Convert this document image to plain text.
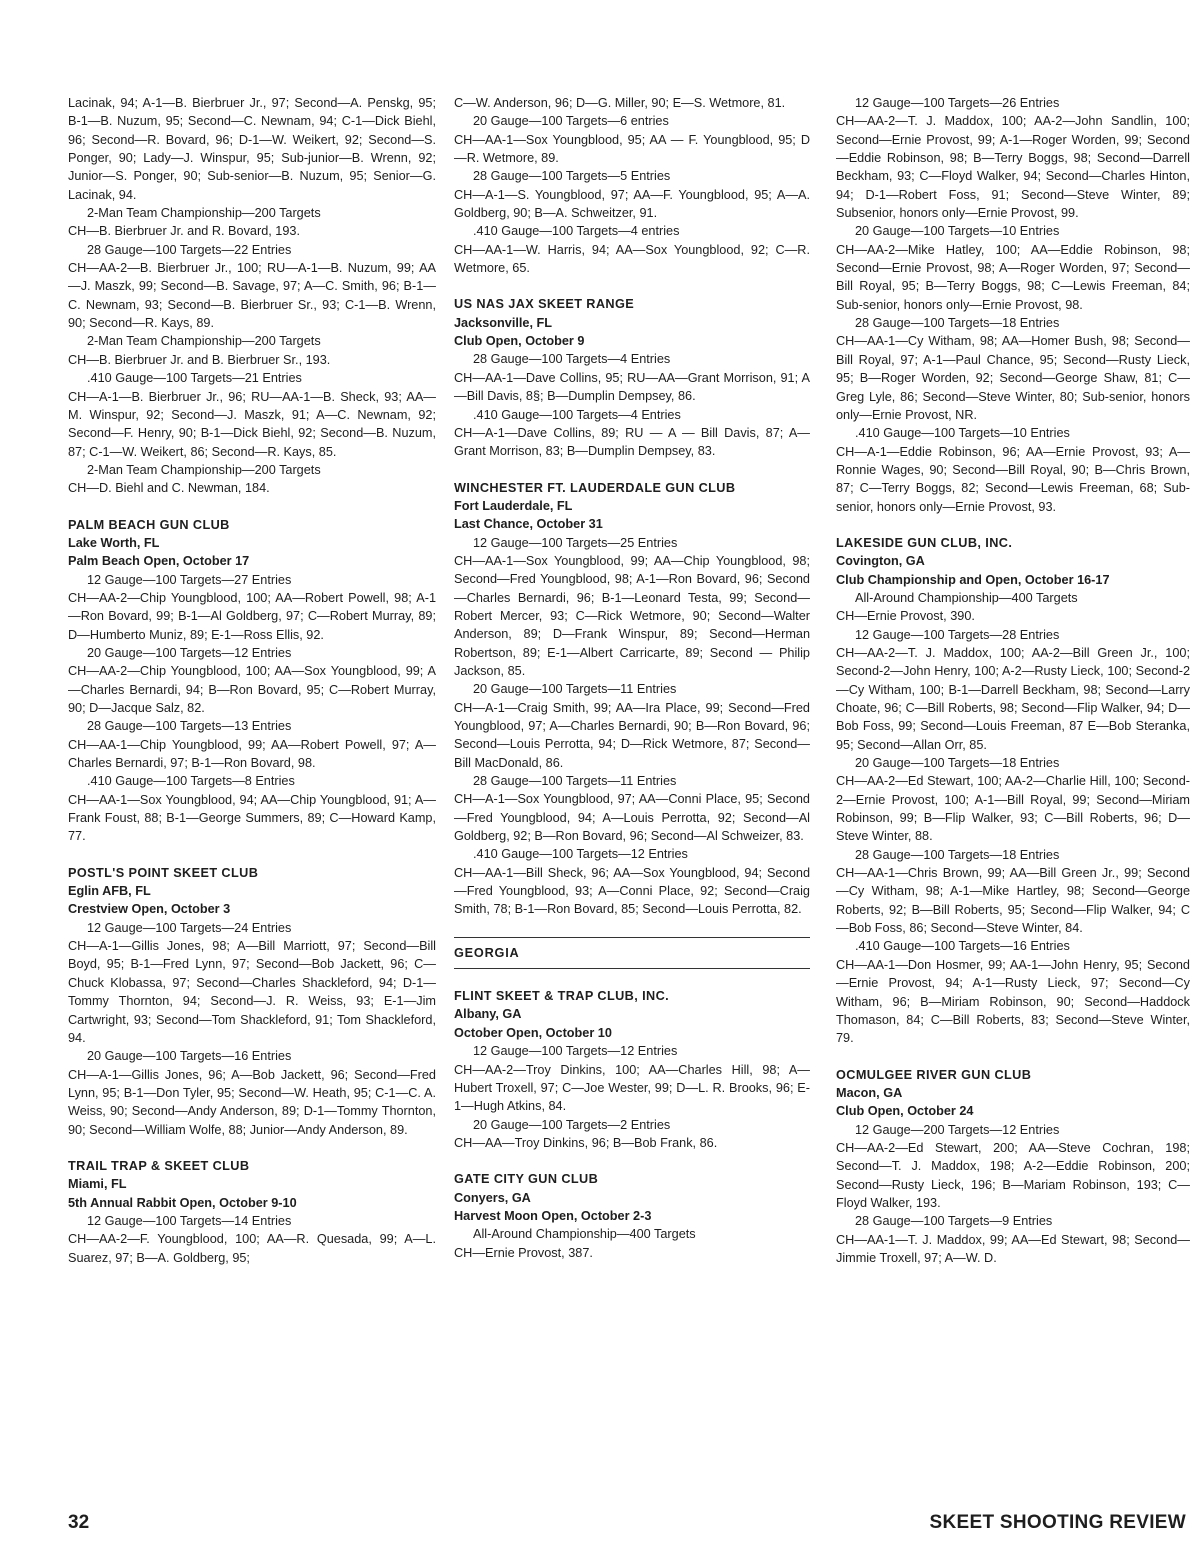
Lacinak, 94; A-1—B. Bierbruer Jr., 97; Second—A. Penskg, 95; B-1—B. Nuzum, 95; Second—C. Newnam, 94; C-1—Dick Biehl, 96; Second—R. Bovard, 96; D-1—W. Weikert, 92; Second—S. Ponger, 90; Lady—J. Winspur, 95; Sub-junior—B. Wrenn, 92; Junior—S. Ponger, 90; Sub-senior—B. Nuzum, 95; Senior—G. Lacinak, 94.

2-Man Team Championship—200 Targets

CH—B. Bierbruer Jr. and R. Bovard, 193.

28 Gauge—100 Targets—22 Entries

CH—AA-2—B. Bierbruer Jr., 100; RU—A-1—B. Nuzum, 99; AA—J. Maszk, 99; Second—B. Savage, 97; A—C. Smith, 96; B-1—C. Newnam, 93; Second—B. Bierbruer Sr., 93; C-1—B. Wrenn, 90; Second—R. Kays, 89.

2-Man Team Championship—200 Targets

CH—B. Bierbruer Jr. and B. Bierbruer Sr., 193.

.410 Gauge—100 Targets—21 Entries

CH—A-1—B. Bierbruer Jr., 96; RU—AA-1—B. Sheck, 93; AA—M. Winspur, 92; Second—J. Maszk, 91; A—C. Newnam, 92; Second—F. Henry, 90; B-1—Dick Biehl, 92; Second—B. Nuzum, 87; C-1—W. Weikert, 86; Second—R. Kays, 85.

2-Man Team Championship—200 Targets

CH—D. Biehl and C. Newman, 184.

PALM BEACH GUN CLUB

Lake Worth, FL

Palm Beach Open, October 17

12 Gauge—100 Targets—27 Entries

CH—AA-2—Chip Youngblood, 100; AA—Robert Powell, 98; A-1—Ron Bovard, 99; B-1—Al Goldberg, 97; C—Robert Murray, 89; D—Humberto Muniz, 89; E-1—Ross Ellis, 92.

20 Gauge—100 Targets—12 Entries

CH—AA-2—Chip Youngblood, 100; AA—Sox Youngblood, 99; A—Charles Bernardi, 94; B—Ron Bovard, 95; C—Robert Murray, 90; D—Jacque Salz, 82.

28 Gauge—100 Targets—13 Entries

CH—AA-1—Chip Youngblood, 99; AA—Robert Powell, 97; A—Charles Bernardi, 97; B-1—Ron Bovard, 98.

.410 Gauge—100 Targets—8 Entries

CH—AA-1—Sox Youngblood, 94; AA—Chip Youngblood, 91; A—Frank Foust, 88; B-1—George Summers, 89; C—Howard Kamp, 77.

POSTL'S POINT SKEET CLUB

Eglin AFB, FL

Crestview Open, October 3

12 Gauge—100 Targets—24 Entries

CH—A-1—Gillis Jones, 98; A—Bill Marriott, 97; Second—Bill Boyd, 95; B-1—Fred Lynn, 97; Second—Bob Jackett, 96; C—Chuck Klobassa, 97; Second—Charles Shackleford, 94; D-1—Tommy Thornton, 94; Second—J. R. Weiss, 93; E-1—Jim Cartwright, 93; Second—Tom Shackleford, 91; Tom Shackleford, 94.

20 Gauge—100 Targets—16 Entries

CH—A-1—Gillis Jones, 96; A—Bob Jackett, 96; Second—Fred Lynn, 95; B-1—Don Tyler, 95; Second—W. Heath, 95; C-1—C. A. Weiss, 90; Second—Andy Anderson, 89; D-1—Tommy Thornton, 90; Second—William Wolfe, 88; Junior—Andy Anderson, 89.

TRAIL TRAP & SKEET CLUB

Miami, FL

5th Annual Rabbit Open, October 9-10

12 Gauge—100 Targets—14 Entries

CH—AA-2—F. Youngblood, 100; AA—R. Quesada, 99; A—L. Suarez, 97; B—A. Goldberg, 95;

C—W. Anderson, 96; D—G. Miller, 90; E—S. Wetmore, 81.

20 Gauge—100 Targets—6 entries

CH—AA-1—Sox Youngblood, 95; AA — F. Youngblood, 95; D—R. Wetmore, 89.

28 Gauge—100 Targets—5 Entries

CH—A-1—S. Youngblood, 97; AA—F. Youngblood, 95; A—A. Goldberg, 90; B—A. Schweitzer, 91.

.410 Gauge—100 Targets—4 entries

CH—AA-1—W. Harris, 94; AA—Sox Youngblood, 92; C—R. Wetmore, 65.

US NAS JAX SKEET RANGE

Jacksonville, FL

Club Open, October 9

28 Gauge—100 Targets—4 Entries

CH—AA-1—Dave Collins, 95; RU—AA—Grant Morrison, 91; A—Bill Davis, 8§; B—Dumplin Dempsey, 86.

.410 Gauge—100 Targets—4 Entries

CH—A-1—Dave Collins, 89; RU — A — Bill Davis, 87; A—Grant Morrison, 83; B—Dumplin Dempsey, 83.

WINCHESTER FT. LAUDERDALE GUN CLUB

Fort Lauderdale, FL

Last Chance, October 31

12 Gauge—100 Targets—25 Entries

CH—AA-1—Sox Youngblood, 99; AA—Chip Youngblood, 98; Second—Fred Youngblood, 98; A-1—Ron Bovard, 96; Second—Charles Bernardi, 96; B-1—Leonard Testa, 99; Second—Robert Mercer, 93; C—Rick Wetmore, 90; Second—Walter Anderson, 89; D—Frank Winspur, 89; Second—Herman Robertson, 89; E-1—Albert Carricarte, 89; Second — Philip Jackson, 85.

20 Gauge—100 Targets—11 Entries

CH—A-1—Craig Smith, 99; AA—Ira Place, 99; Second—Fred Youngblood, 97; A—Charles Bernardi, 90; B—Ron Bovard, 96; Second—Louis Perrotta, 94; D—Rick Wetmore, 87; Second—Bill MacDonald, 86.

28 Gauge—100 Targets—11 Entries

CH—A-1—Sox Youngblood, 97; AA—Conni Place, 95; Second—Fred Youngblood, 94; A—Louis Perrotta, 92; Second—Al Goldberg, 92; B—Ron Bovard, 96; Second—Al Schweizer, 83.

.410 Gauge—100 Targets—12 Entries

CH—AA-1—Bill Sheck, 96; AA—Sox Youngblood, 94; Second—Fred Youngblood, 93; A—Conni Place, 92; Second—Craig Smith, 78; B-1—Ron Bovard, 85; Second—Louis Perrotta, 82.

GEORGIA

FLINT SKEET & TRAP CLUB, INC.

Albany, GA

October Open, October 10

12 Gauge—100 Targets—12 Entries

CH—AA-2—Troy Dinkins, 100; AA—Charles Hill, 98; A—Hubert Troxell, 97; C—Joe Wester, 99; D—L. R. Brooks, 96; E-1—Hugh Atkins, 84.

20 Gauge—100 Targets—2 Entries

CH—AA—Troy Dinkins, 96; B—Bob Frank, 86.

GATE CITY GUN CLUB

Conyers, GA

Harvest Moon Open, October 2-3

All-Around Championship—400 Targets

CH—Ernie Provost, 387.

12 Gauge—100 Targets—26 Entries

CH—AA-2—T. J. Maddox, 100; AA-2—John Sandlin, 100; Second—Ernie Provost, 99; A-1—Roger Worden, 99; Second—Eddie Robinson, 98; B—Terry Boggs, 98; Second—Darrell Beckham, 93; C—Floyd Walker, 94; Second—Charles Hinton, 94; D-1—Robert Foss, 91; Second—Steve Winter, 89; Subsenior, honors only—Ernie Provost, 99.

20 Gauge—100 Targets—10 Entries

CH—AA-2—Mike Hatley, 100; AA—Eddie Robinson, 98; Second—Ernie Provost, 98; A—Roger Worden, 97; Second—Bill Royal, 95; B—Terry Boggs, 98; C—Lewis Freeman, 84; Sub-senior, honors only—Ernie Provost, 98.

28 Gauge—100 Targets—18 Entries

CH—AA-1—Cy Witham, 98; AA—Homer Bush, 98; Second—Bill Royal, 97; A-1—Paul Chance, 95; Second—Rusty Lieck, 95; B—Roger Worden, 92; Second—George Shaw, 81; C—Greg Lyle, 86; Second—Steve Winter, 80; Sub-senior, honors only—Ernie Provost, NR.

.410 Gauge—100 Targets—10 Entries

CH—A-1—Eddie Robinson, 96; AA—Ernie Provost, 93; A—Ronnie Wages, 90; Second—Bill Royal, 90; B—Chris Brown, 87; C—Terry Boggs, 82; Second—Lewis Freeman, 68; Sub-senior, honors only—Ernie Provost, 93.

LAKESIDE GUN CLUB, INC.

Covington, GA

Club Championship and Open, October 16-17

All-Around Championship—400 Targets

CH—Ernie Provost, 390.

12 Gauge—100 Targets—28 Entries

CH—AA-2—T. J. Maddox, 100; AA-2—Bill Green Jr., 100; Second-2—John Henry, 100; A-2—Rusty Lieck, 100; Second-2—Cy Witham, 100; B-1—Darrell Beckham, 98; Second—Larry Choate, 96; C—Bill Roberts, 98; Second—Flip Walker, 94; D—Bob Foss, 99; Second—Louis Freeman, 87 E—Bob Steranka, 95; Second—Allan Orr, 85.

20 Gauge—100 Targets—18 Entries

CH—AA-2—Ed Stewart, 100; AA-2—Charlie Hill, 100; Second-2—Ernie Provost, 100; A-1—Bill Royal, 99; Second—Miriam Robinson, 99; B—Flip Walker, 93; C—Bill Roberts, 96; D—Steve Winter, 88.

28 Gauge—100 Targets—18 Entries

CH—AA-1—Chris Brown, 99; AA—Bill Green Jr., 99; Second—Cy Witham, 98; A-1—Mike Hartley, 98; Second—George Roberts, 92; B—Bill Roberts, 95; Second—Flip Walker, 94; C—Bob Foss, 86; Second—Steve Winter, 84.

.410 Gauge—100 Targets—16 Entries

CH—AA-1—Don Hosmer, 99; AA-1—John Henry, 95; Second—Ernie Provost, 94; A-1—Rusty Lieck, 97; Second—Cy Witham, 96; B—Miriam Robinson, 90; Second—Haddock Thomason, 84; C—Bill Roberts, 83; Second—Steve Winter, 79.

OCMULGEE RIVER GUN CLUB

Macon, GA

Club Open, October 24

12 Gauge—200 Targets—12 Entries

CH—AA-2—Ed Stewart, 200; AA—Steve Cochran, 198; Second—T. J. Maddox, 198; A-2—Eddie Robinson, 200; Second—Rusty Lieck, 196; B—Mariam Robinson, 193; C—Floyd Walker, 193.

28 Gauge—100 Targets—9 Entries

CH—AA-1—T. J. Maddox, 99; AA—Ed Stewart, 98; Second—Jimmie Troxell, 97; A—W. D.

32	SKEET SHOOTING REVIEW
